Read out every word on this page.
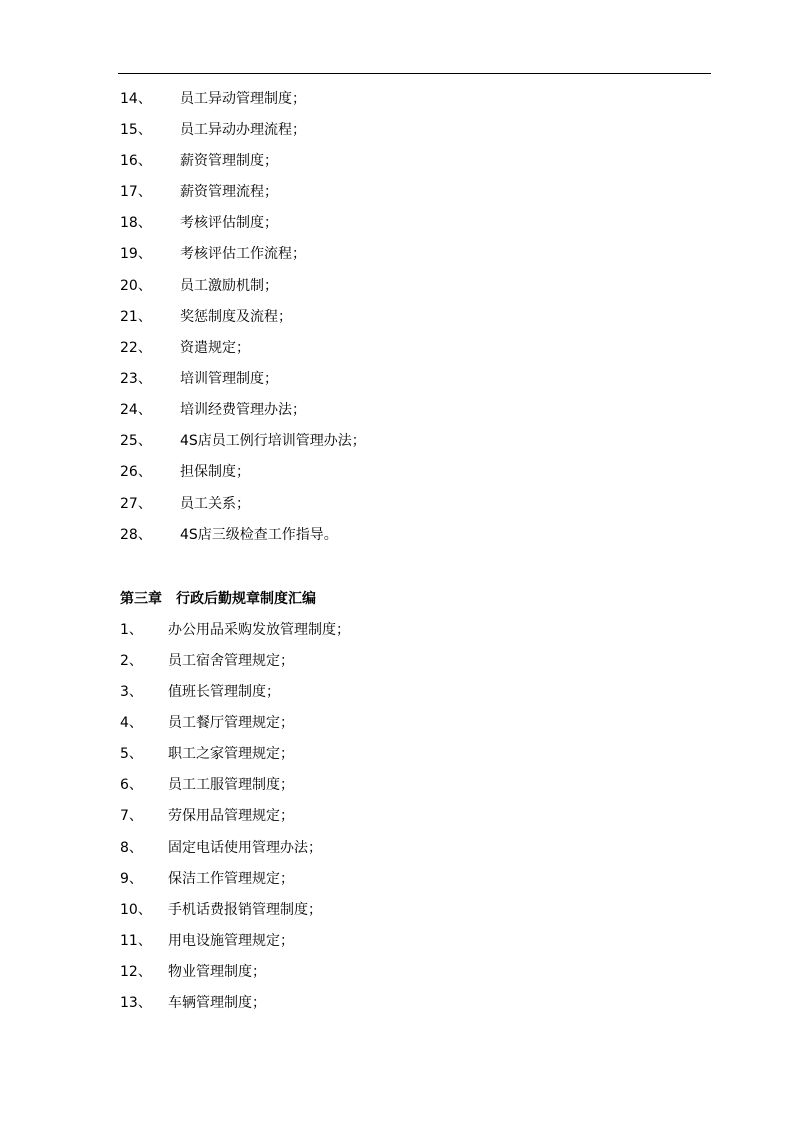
14、 员工异动管理制度；
15、 员工异动办理流程；
16、 薪资管理制度；
17、 薪资管理流程；
18、 考核评估制度；
19、 考核评估工作流程；
20、 员工激励机制；
21、 奖惩制度及流程；
22、 资遣规定；
23、 培训管理制度；
24、 培训经费管理办法；
25、 4S店员工例行培训管理办法；
26、 担保制度；
27、 员工关系；
28、 4S店三级检查工作指导。
第三章 行政后勤规章制度汇编
1、 办公用品采购发放管理制度；
2、 员工宿舍管理规定；
3、 值班长管理制度；
4、 员工餐厅管理规定；
5、 职工之家管理规定；
6、 员工工服管理制度；
7、 劳保用品管理规定；
8、 固定电话使用管理办法；
9、 保洁工作管理规定；
10、 手机话费报销管理制度；
11、 用电设施管理规定；
12、 物业管理制度；
13、 车辆管理制度；
